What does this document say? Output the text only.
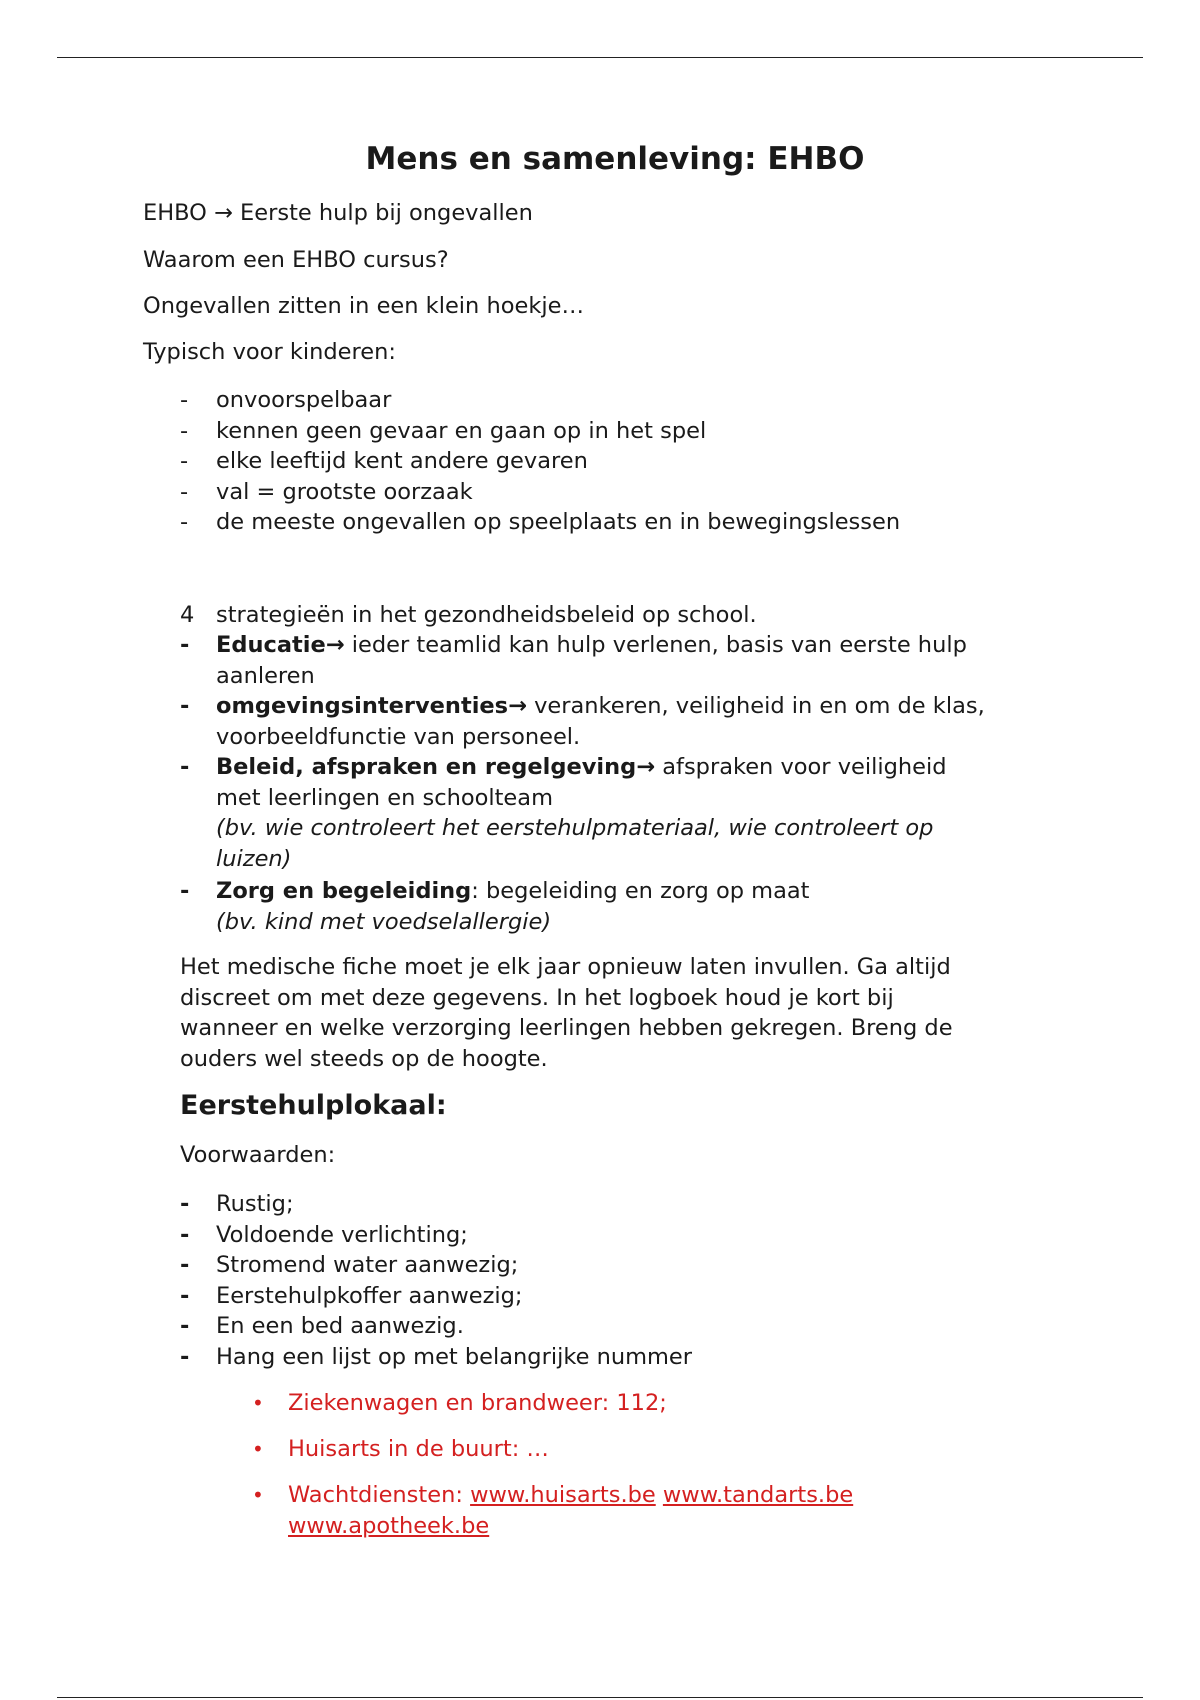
Mens en samenleving: EHBO

EHBO → Eerste hulp bij ongevallen

Waarom een EHBO cursus?

Ongevallen zitten in een klein hoekje…

Typisch voor kinderen:

- onvoorspelbaar
- kennen geen gevaar en gaan op in het spel
- elke leeftijd kent andere gevaren
- val = grootste oorzaak
- de meeste ongevallen op speelplaats en in bewegingslessen
4 strategieën in het gezondheidsbeleid op school.
- Educatie→ ieder teamlid kan hulp verlenen, basis van eerste hulp
aanleren
- omgevingsinterventies→ verankeren, veiligheid in en om de klas,
voorbeeldfunctie van personeel.
- Beleid, afspraken en regelgeving→ afspraken voor veiligheid
met leerlingen en schoolteam
(bv. wie controleert het eerstehulpmateriaal, wie controleert op
luizen)
- Zorg en begeleiding: begeleiding en zorg op maat
(bv. kind met voedselallergie)

Het medische fiche moet je elk jaar opnieuw laten invullen. Ga altijd
discreet om met deze gegevens. In het logboek houd je kort bij
wanneer en welke verzorging leerlingen hebben gekregen. Breng de
ouders wel steeds op de hoogte.

Eerstehulplokaal:

Voorwaarden:

- Rustig;
- Voldoende verlichting;
- Stromend water aanwezig;
- Eerstehulpkoffer aanwezig;
- En een bed aanwezig.
- Hang een lijst op met belangrijke nummer
• Ziekenwagen en brandweer: 112;
• Huisarts in de buurt: …
• Wachtdiensten: www.huisarts.be www.tandarts.be
www.apotheek.be
